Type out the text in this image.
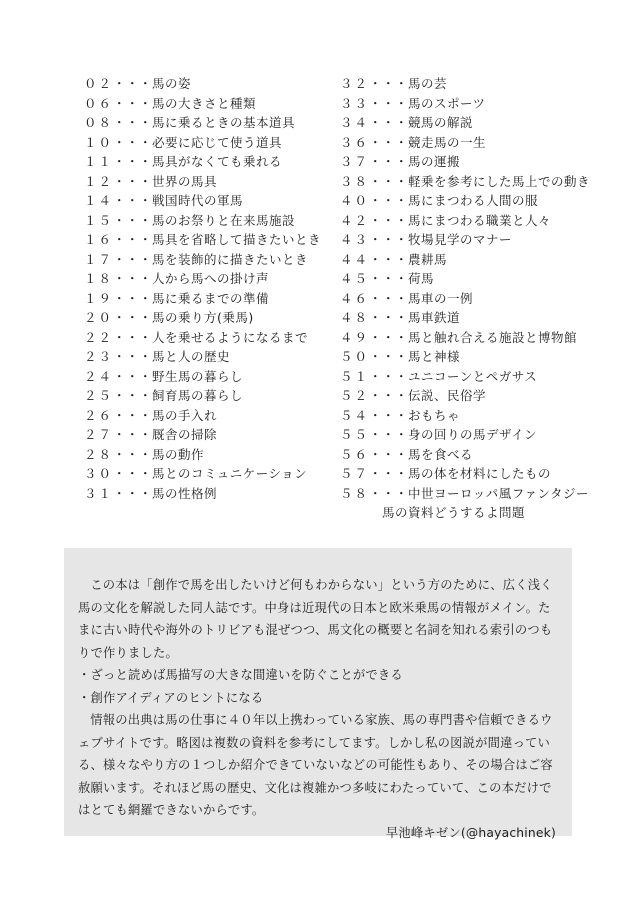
０２・・・馬の姿
０６・・・馬の大きさと種類
０８・・・馬に乗るときの基本道具
１０・・・必要に応じて使う道具
１１・・・馬具がなくても乗れる
１２・・・世界の馬具
１４・・・戦国時代の軍馬
１５・・・馬のお祭りと在来馬施設
１６・・・馬具を省略して描きたいとき
１７・・・馬を装飾的に描きたいとき
１８・・・人から馬への掛け声
１９・・・馬に乗るまでの準備
２０・・・馬の乗り方(乗馬)
２２・・・人を乗せるようになるまで
２３・・・馬と人の歴史
２４・・・野生馬の暮らし
２５・・・飼育馬の暮らし
２６・・・馬の手入れ
２７・・・厩舎の掃除
２８・・・馬の動作
３０・・・馬とのコミュニケーション
３１・・・馬の性格例
３２・・・馬の芸
３３・・・馬のスポーツ
３４・・・競馬の解説
３６・・・競走馬の一生
３７・・・馬の運搬
３８・・・軽乗を参考にした馬上での動き
４０・・・馬にまつわる人間の服
４２・・・馬にまつわる職業と人々
４３・・・牧場見学のマナー
４４・・・農耕馬
４５・・・荷馬
４６・・・馬車の一例
４８・・・馬車鉄道
４９・・・馬と触れ合える施設と博物館
５０・・・馬と神様
５１・・・ユニコーンとペガサス
５２・・・伝説、民俗学
５４・・・おもちゃ
５５・・・身の回りの馬デザイン
５６・・・馬を食べる
５７・・・馬の体を材料にしたもの
５８・・・中世ヨーロッパ風ファンタジー
馬の資料どうするよ問題

この本は「創作で馬を出したいけど何もわからない」という方のために、広く浅く馬の文化を解説した同人誌です。中身は近現代の日本と欧米乗馬の情報がメイン。たまに古い時代や海外のトリビアも混ぜつつ、馬文化の概要と名詞を知れる索引のつもりで作りました。

・ざっと読めば馬描写の大きな間違いを防ぐことができる

・創作アイディアのヒントになる

情報の出典は馬の仕事に４０年以上携わっている家族、馬の専門書や信頼できるウェブサイトです。略図は複数の資料を参考にしてます。しかし私の図説が間違っている、様々なやり方の１つしか紹介できていないなどの可能性もあり、その場合はご容赦願います。それほど馬の歴史、文化は複雑かつ多岐にわたっていて、この本だけではとても網羅できないからです。

早池峰キゼン(@hayachinek)
